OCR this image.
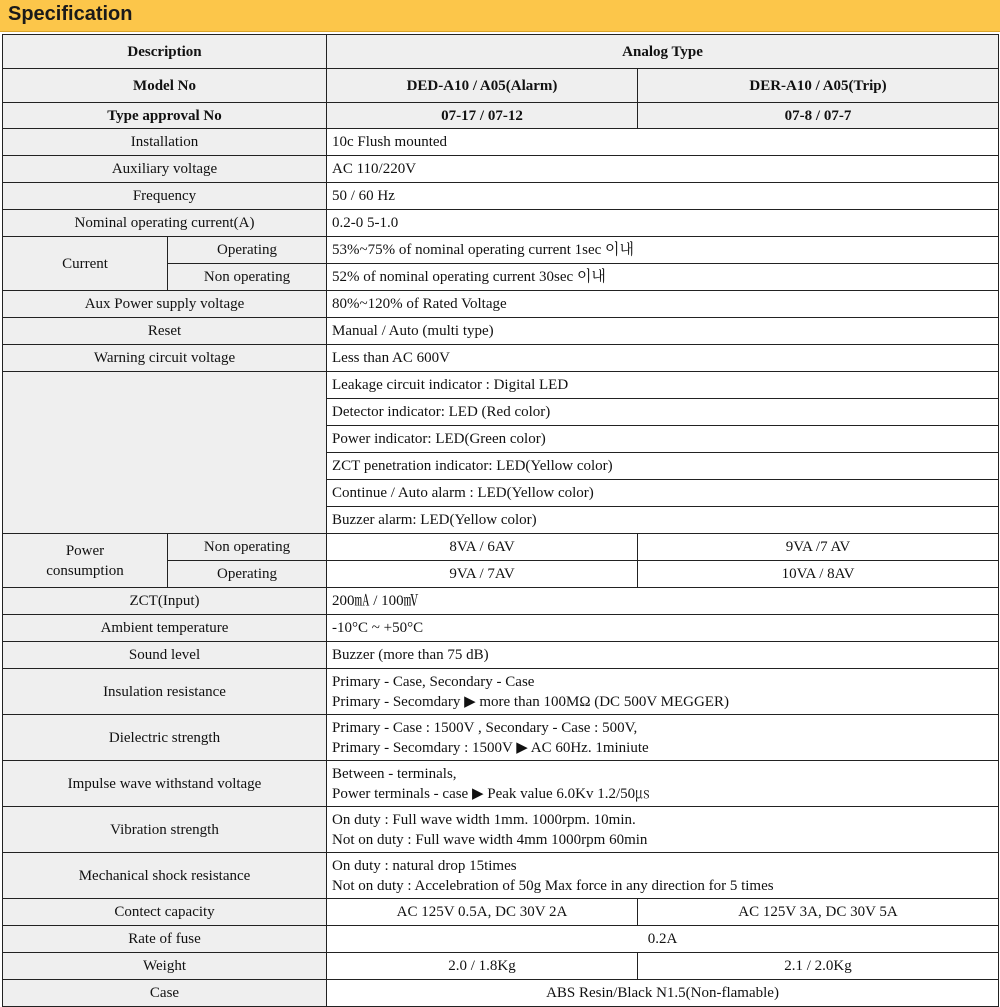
Specification
Description		Analog Type	
Model No		DED-A10 / A05(Alarm)	DER-A10 / A05(Trip)
Type approval No		07-17 / 07-12	07-8 / 07-7
Installation		10c Flush mounted	
Auxiliary voltage		AC 110/220V	
Frequency		50 / 60 Hz	
Nominal operating current(A)		0.2-0 5-1.0	
Current	Operating	53%~75% of nominal operating current 1sec 이내	
	Non operating	52% of nominal operating current 30sec 이내	
Aux Power supply voltage		80%~120% of Rated Voltage	
Reset		Manual / Auto (multi type)	
Warning circuit voltage		Less than AC 600V	
		Leakage circuit indicator : Digital LED	
		Detector indicator: LED (Red color)	
		Power indicator: LED(Green color)	
		ZCT penetration indicator: LED(Yellow color)	
		Continue / Auto alarm : LED(Yellow color)	
		Buzzer alarm: LED(Yellow color)	
Power
consumption	Non operating	8VA / 6AV	9VA /7 AV
	Operating	9VA / 7AV	10VA / 8AV
ZCT(Input)		200㎃ / 100㎷	
Ambient temperature		-10°C ~ +50°C	
Sound level		Buzzer (more than 75 dB)	
Insulation resistance		Primary - Case, Secondary - Case
Primary - Secomdary ▶ more than 100MΩ (DC 500V MEGGER)	
Dielectric strength		Primary - Case : 1500V , Secondary - Case : 500V,
Primary - Secomdary : 1500V ▶ AC 60Hz. 1miniute	
Impulse wave withstand voltage		Between - terminals,
Power terminals - case ▶ Peak value 6.0Kv 1.2/50㎲	
Vibration strength		On duty : Full wave width 1mm. 1000rpm. 10min.
Not on duty : Full wave width 4mm 1000rpm 60min	
Mechanical shock resistance		On duty : natural drop 15times
Not on duty : Accelebration of 50g Max force in any direction for 5 times	
Contect capacity		AC 125V 0.5A, DC 30V 2A	AC 125V 3A, DC 30V 5A
Rate of fuse		0.2A	
Weight		2.0 / 1.8Kg	2.1 / 2.0Kg
Case		ABS Resin/Black N1.5(Non-flamable)	
